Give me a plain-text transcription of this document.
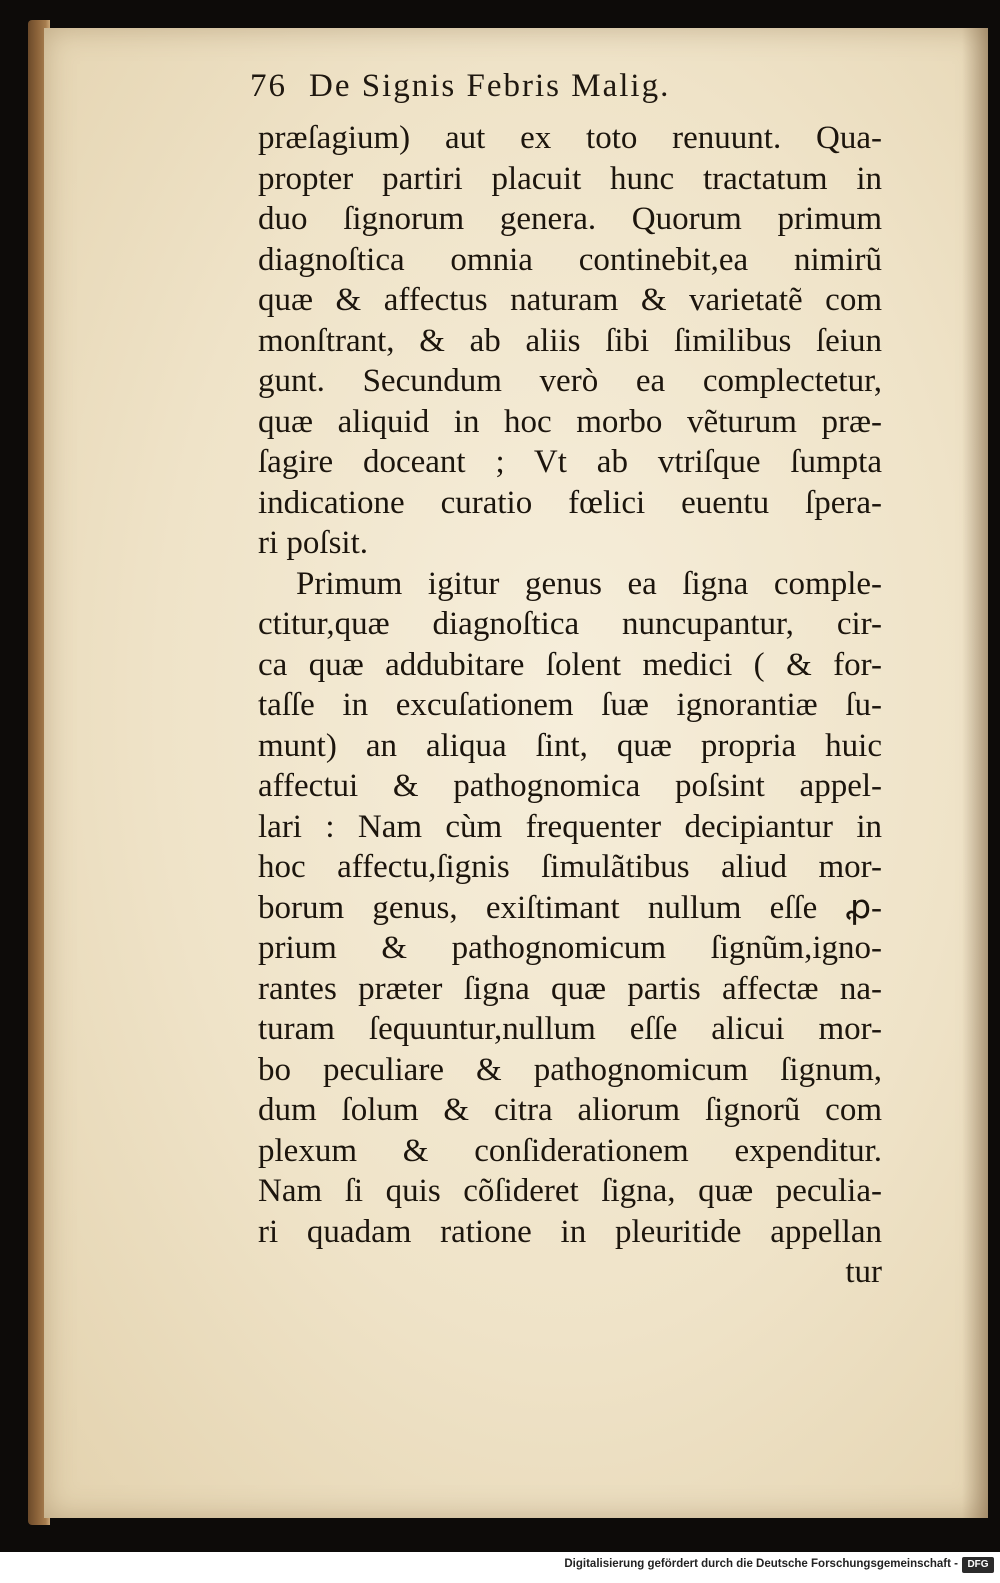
76 De Signis Febris Malig.
præſagium) aut ex toto renuunt. Qua-
propter partiri placuit hunc tractatum in
duo ſignorum genera. Quorum primum
diagnoſtica omnia continebit,ea nimirũ
quæ & affectus naturam & varietatẽ com
monſtrant, & ab aliis ſibi ſimilibus ſeiun
gunt. Secundum verò ea complectetur,
quæ aliquid in hoc morbo vẽturum præ-
ſagire doceant ; Vt ab vtriſque ſumpta
indicatione curatio fœlici euentu ſpera-
ri poſsit.
Primum igitur genus ea ſigna comple-
ctitur,quæ diagnoſtica nuncupantur, cir-
ca quæ addubitare ſolent medici ( & for-
taſſe in excuſationem ſuæ ignorantiæ ſu-
munt) an aliqua ſint, quæ propria huic
affectui & pathognomica poſsint appel-
lari : Nam cùm frequenter decipiantur in
hoc affectu,ſignis ſimulãtibus aliud mor-
borum genus, exiſtimant nullum eſſe ꝓ-
prium & pathognomicum ſignũm,igno-
rantes præter ſigna quæ partis affectæ na-
turam ſequuntur,nullum eſſe alicui mor-
bo peculiare & pathognomicum ſignum,
dum ſolum & citra aliorum ſignorũ com
plexum & conſiderationem expenditur.
Nam ſi quis cõſideret ſigna, quæ peculia-
ri quadam ratione in pleuritide appellan
tur
Digitalisierung gefördert durch die Deutsche Forschungsgemeinschaft - DFG
